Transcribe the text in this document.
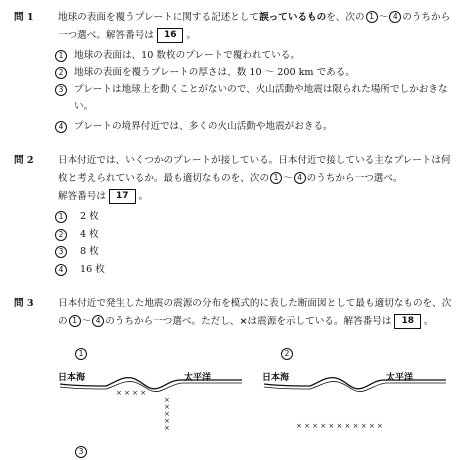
問 1	地球の表面を覆うプレートに関する記述として誤っているものを、次の 1 ～ 4 のうちから一つ選べ。解答番号は 16 。

1	地球の表面は、10 数枚のプレートで覆われている。
2	地球の表面を覆うプレートの厚さは、数 10 ～ 200 km である。
3	プレートは地球上を動くことがないので、火山活動や地震は限られた場所でしかおきない。
4	プレートの境界付近では、多くの火山活動や地震がおきる。
問 2	日本付近では、いくつかのプレートが接している。日本付近で接している主なプレートは何枚と考えられているか。最も適切なものを、次の 1 ～ 4 のうちから一つ選べ。
解答番号は 17 。

1	2 枚
2	4 枚
3	8 枚
4	16 枚
問 3	日本付近で発生した地震の震源の分布を模式的に表した断面図として最も適切なものを、次の 1 ～ 4 のうちから一つ選べ。ただし、×は震源を示している。解答番号は 18 。

1
日本海	太平洋
× × × ×
×
×
×
×
×
2
日本海	太平洋
× × × × × × × × × × ×
3
